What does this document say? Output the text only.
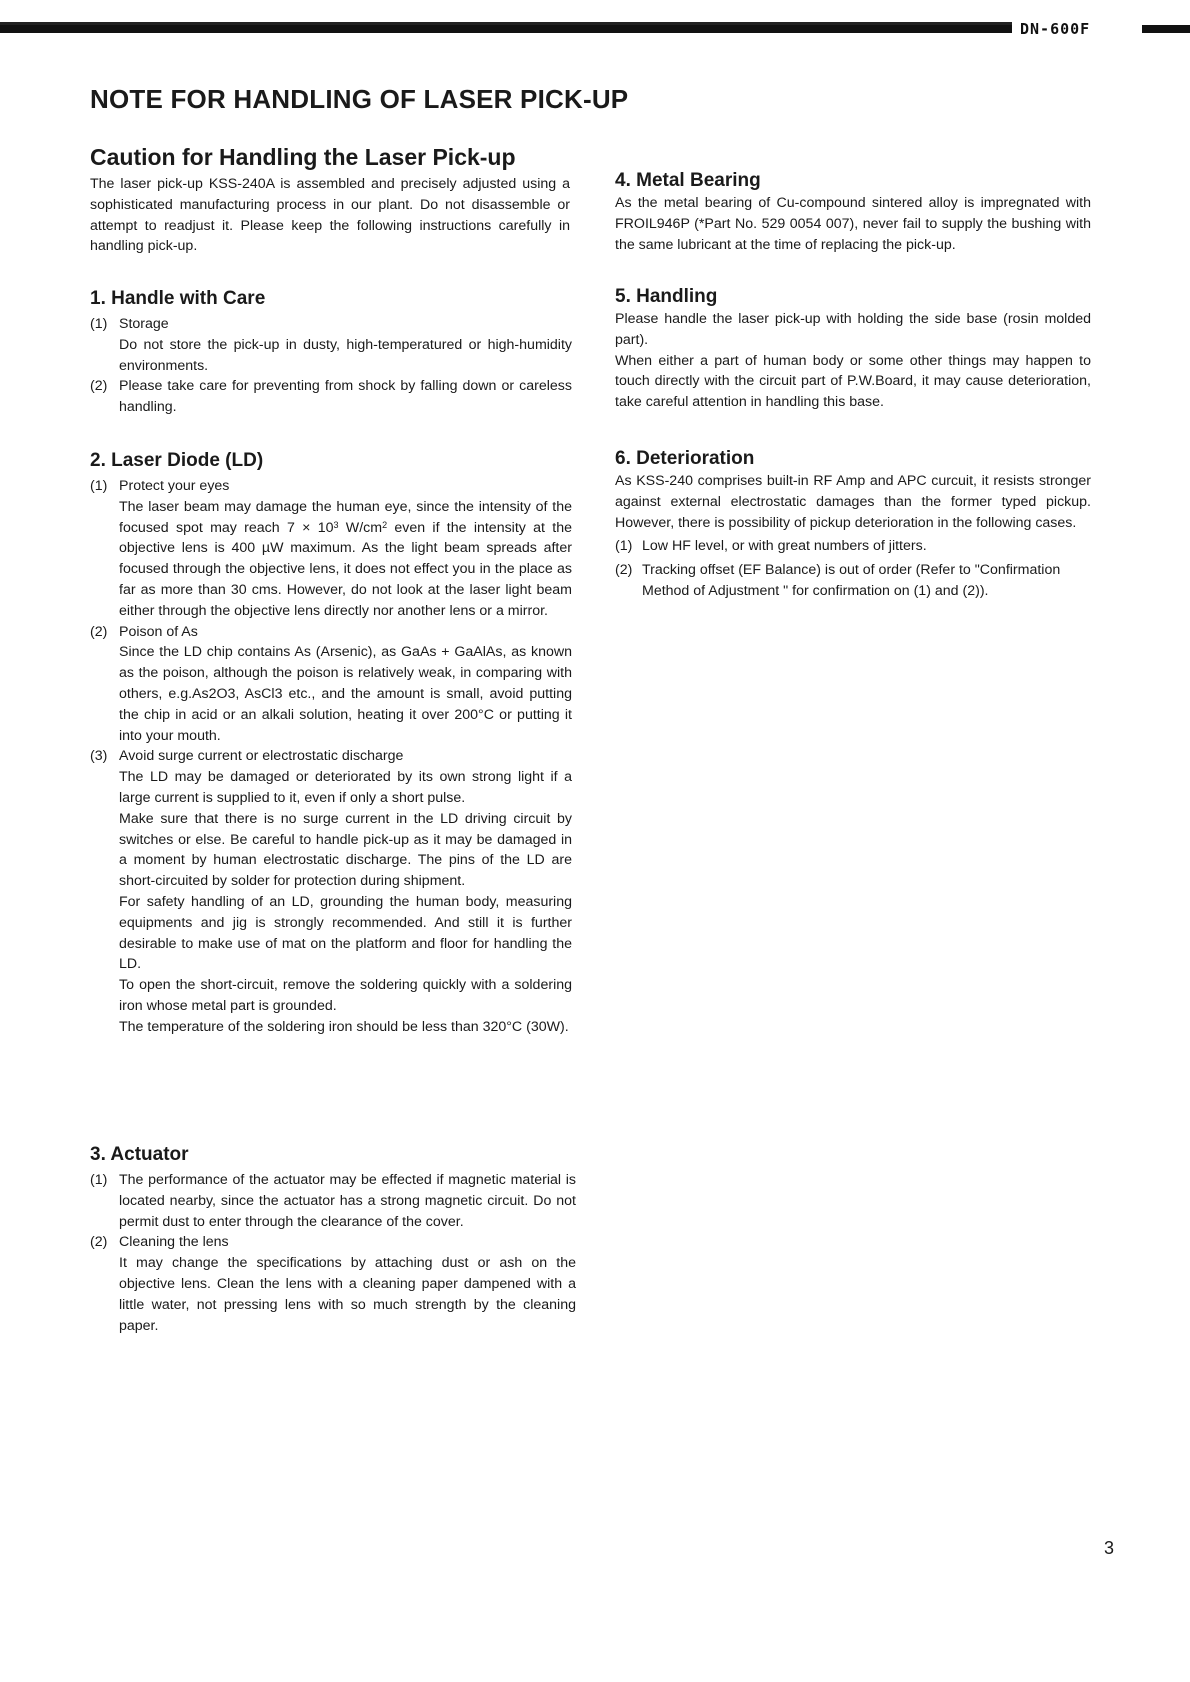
DN-600F
NOTE FOR HANDLING OF LASER PICK-UP
Caution for Handling the Laser Pick-up

The laser pick-up KSS-240A is assembled and precisely adjusted using a sophisticated manufacturing process in our plant. Do not disassemble or attempt to readjust it. Please keep the following instructions carefully in handling pick-up.

1. Handle with Care
(1) Storage

Do not store the pick-up in dusty, high-temperatured or high-humidity environments.

(2) Please take care for preventing from shock by falling down or careless handling.

2. Laser Diode (LD)
(1) Protect your eyes

The laser beam may damage the human eye, since the intensity of the focused spot may reach $7 \times 10^3$ $W/cm^2$ even if the intensity at the objective lens is 400 µW maximum. As the light beam spreads after focused through the objective lens, it does not effect you in the place as far as more than 30 cms. However, do not look at the laser light beam either through the objective lens directly nor another lens or a mirror.

(2) Poison of As

Since the LD chip contains As (Arsenic), as GaAs + GaAlAs, as known as the poison, although the poison is relatively weak, in comparing with others, e.g.As2O3, AsCl3 etc., and the amount is small, avoid putting the chip in acid or an alkali solution, heating it over 200°C or putting it into your mouth.

(3) Avoid surge current or electrostatic discharge

The LD may be damaged or deteriorated by its own strong light if a large current is supplied to it, even if only a short pulse.

Make sure that there is no surge current in the LD driving circuit by switches or else. Be careful to handle pick-up as it may be damaged in a moment by human electrostatic discharge. The pins of the LD are short-circuited by solder for protection during shipment.

For safety handling of an LD, grounding the human body, measuring equipments and jig is strongly recommended. And still it is further desirable to make use of mat on the platform and floor for handling the LD.

To open the short-circuit, remove the soldering quickly with a soldering iron whose metal part is grounded.

The temperature of the soldering iron should be less than 320°C (30W).

3. Actuator
(1) The performance of the actuator may be effected if magnetic material is located nearby, since the actuator has a strong magnetic circuit. Do not permit dust to enter through the clearance of the cover.

(2) Cleaning the lens

It may change the specifications by attaching dust or ash on the objective lens. Clean the lens with a cleaning paper dampened with a little water, not pressing lens with so much strength by the cleaning paper.

4. Metal Bearing

As the metal bearing of Cu-compound sintered alloy is impregnated with FROIL946P (*Part No. 529 0054 007), never fail to supply the bushing with the same lubricant at the time of replacing the pick-up.

5. Handling

Please handle the laser pick-up with holding the side base (rosin molded part).

When either a part of human body or some other things may happen to touch directly with the circuit part of P.W.Board, it may cause deterioration, take careful attention in handling this base.

6. Deterioration

As KSS-240 comprises built-in RF Amp and APC curcuit, it resists stronger against external electrostatic damages than the former typed pickup. However, there is possibility of pickup deterioration in the following cases.

(1) Low HF level, or with great numbers of jitters.

(2) Tracking offset (EF Balance) is out of order (Refer to "Confirmation Method of Adjustment " for confirmation on (1) and (2)).

3
